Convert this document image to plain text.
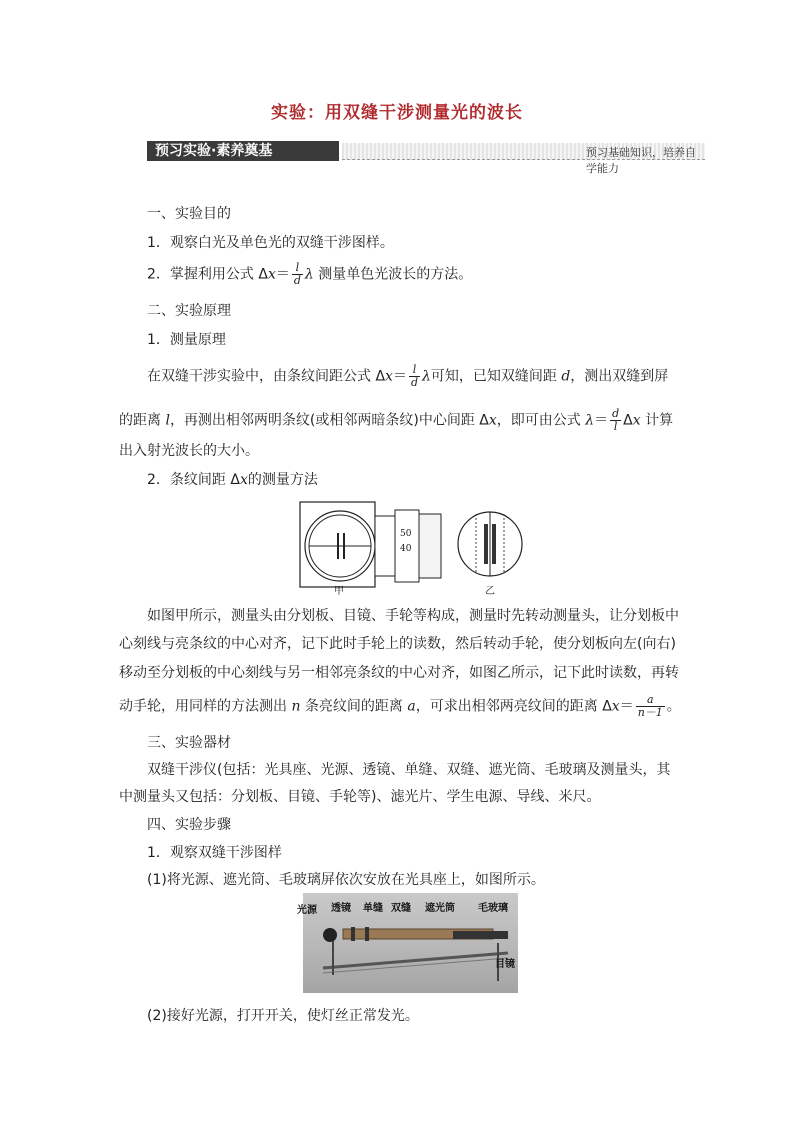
实验：用双缝干涉测量光的波长
预习实验·素养奠基	预习基础知识，培养自学能力
一、实验目的
1．观察白光及单色光的双缝干涉图样。
2．掌握利用公式 $\Delta x= \frac{l}{d}$ λ 测量单色光波长的方法。
二、实验原理
1．测量原理
在双缝干涉实验中，由条纹间距公式 $\Delta x= \frac{l}{d}$ λ可知，已知双缝间距 d，测出双缝到屏
的距离 l，再测出相邻两明条纹(或相邻两暗条纹)中心间距 Δx，即可由公式 $\lambda= \frac{d}{l}$ Δx 计算
出入射光波长的大小。
2．条纹间距 Δx的测量方法
50
40
甲	乙
如图甲所示，测量头由分划板、目镜、手轮等构成，测量时先转动测量头，让分划板中
心刻线与亮条纹的中心对齐，记下此时手轮上的读数，然后转动手轮，使分划板向左(向右)
移动至分划板的中心刻线与另一相邻亮条纹的中心对齐，如图乙所示，记下此时读数，再转
动手轮，用同样的方法测出 n 条亮纹间的距离 a，可求出相邻两亮纹间的距离 $\Delta x= \frac{a}{n-1}$ 。
三、实验器材
双缝干涉仪(包括：光具座、光源、透镜、单缝、双缝、遮光筒、毛玻璃及测量头，其
中测量头又包括：分划板、目镜、手轮等)、滤光片、学生电源、导线、米尺。
四、实验步骤
1．观察双缝干涉图样
(1)将光源、遮光筒、毛玻璃屏依次安放在光具座上，如图所示。
光源 透镜 单缝 双缝 遮光筒 毛玻璃
目镜
(2)接好光源，打开开关，使灯丝正常发光。
